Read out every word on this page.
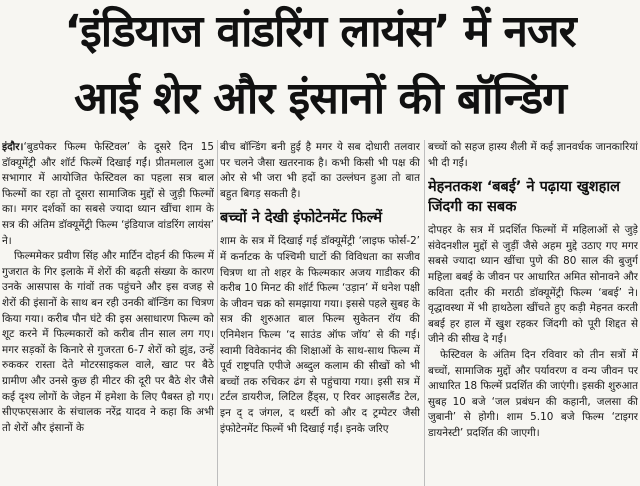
‘इंडियाज वांडरिंग लायंस’ में नजर
आई शेर और इंसानों की बॉन्डिंग

इंदौर।‘बुडपेकर फिल्म फेस्टिवल’ के दूसरे दिन 15 डॉक्यूमेंट्री और शॉर्ट फिल्में दिखाई गईं। प्रीतमलाल दुआ सभागार में आयोजित फेस्टिवल का पहला सत्र बाल फिल्मों का रहा तो दूसरा सामाजिक मुद्दों से जुड़ी फिल्मों का। मगर दर्शकों का सबसे ज्यादा ध्यान खींचा शाम के सत्र की अंतिम डॉक्यूमेंट्री फिल्म ‘इंडियाज वांडरिंग लायंस’ ने।

फिल्ममेकर प्रवीण सिंह और मार्टिन दोहर्न की फिल्म में गुजरात के गिर इलाके में शेरों की बढ़ती संख्या के कारण उनके आसपास के गांवों तक पहुंचने और इस वजह से शेरों की इंसानों के साथ बन रही उनकी बॉन्डिंग का चित्रण किया गया। करीब पौन घंटे की इस असाधारण फिल्म को शूट करने में फिल्मकारों को करीब तीन साल लग गए। मगर सड़कों के किनारे से गुजरता 6-7 शेरों को झुंड, उन्हें रुककर रास्ता देते मोटरसाइकल वाले, खाट पर बैठे ग्रामीण और उनसे कुछ ही मीटर की दूरी पर बैठे शेर जैसे कई दृश्य लोगों के जेहन में हमेशा के लिए पैबस्त हो गए। सीएफएसआर के संचालक नरेंद्र यादव ने कहा कि अभी तो शेरों और इंसानों के

बीच बॉन्डिंग बनी हुई है मगर ये सब दोधारी तलवार पर चलने जैसा खतरनाक है। कभी किसी भी पक्ष की ओर से भी जरा भी हदों का उल्लंघन हुआ तो बात बहुत बिगड़ सकती है।

बच्चों ने देखी इंफोटेनमेंट फिल्में

शाम के सत्र में दिखाई गई डॉक्यूमेंट्री ‘लाइफ फोर्स-2’ में कर्नाटक के पश्चिमी घाटों की विविधता का सजीव चित्रण था तो शहर के फिल्मकार अजय गाडीकर की करीब 10 मिनट की शॉर्ट फिल्म ‘उड़ान’ में धनेश पक्षी के जीवन चक्र को समझाया गया। इससे पहले सुबह के सत्र की शुरुआत बाल फिल्म सुकेतन रॉय की एनिमेशन फिल्म ‘द साउंड ऑफ जॉय’ से की गई। स्वामी विवेकानंद की शिक्षाओं के साथ-साथ फिल्म में पूर्व राष्ट्रपति एपीजे अब्दुल कलाम की सीखों को भी बच्चों तक रुचिकर ढंग से पहुंचाया गया। इसी सत्र में टर्टल डायरीज, लिटिल हैंड्स, ए रिवर आइसलैंड टेल, इन द् द जंगल, द थर्स्टी को और द ट्रम्पेटर जैसी इंफोटेनमेंट फिल्में भी दिखाई गईं। इनके जरिए

बच्चों को सहज हास्य शैली में कई ज्ञानवर्धक जानकारियां भी दी गईं।

मेहनतकश ‘बबई’ ने पढ़ाया खुशहाल जिंदगी का सबक

दोपहर के सत्र में प्रदर्शित फिल्मों में महिलाओं से जुड़े संवेदनशील मुद्दों से जुड़ीं जैसे अहम मुद्दे उठाए गए मगर सबसे ज्यादा ध्यान खींचा पुणे की 80 साल की बुजुर्ग महिला बबई के जीवन पर आधारित अमित सोनावने और कविता दतीर की मराठी डॉक्यूमेंट्री फिल्म ‘बबई’ ने। वृद्धावस्था में भी हाथठेला खींचते हुए कड़ी मेहनत करती बबई हर हाल में खुश रहकर जिंदगी को पूरी शिद्दत से जीने की सीख दे गईं।

फेस्टिवल के अंतिम दिन रविवार को तीन सत्रों में बच्चों, सामाजिक मुद्दों और पर्यावरण व वन्य जीवन पर आधारित 18 फिल्में प्रदर्शित की जाएंगी। इसकी शुरुआत सुबह 10 बजे ‘जल प्रबंधन की कहानी, जलसा की जुबानी’ से होगी। शाम 5.10 बजे फिल्म ‘टाइगर डायनेस्टी’ प्रदर्शित की जाएगी।
